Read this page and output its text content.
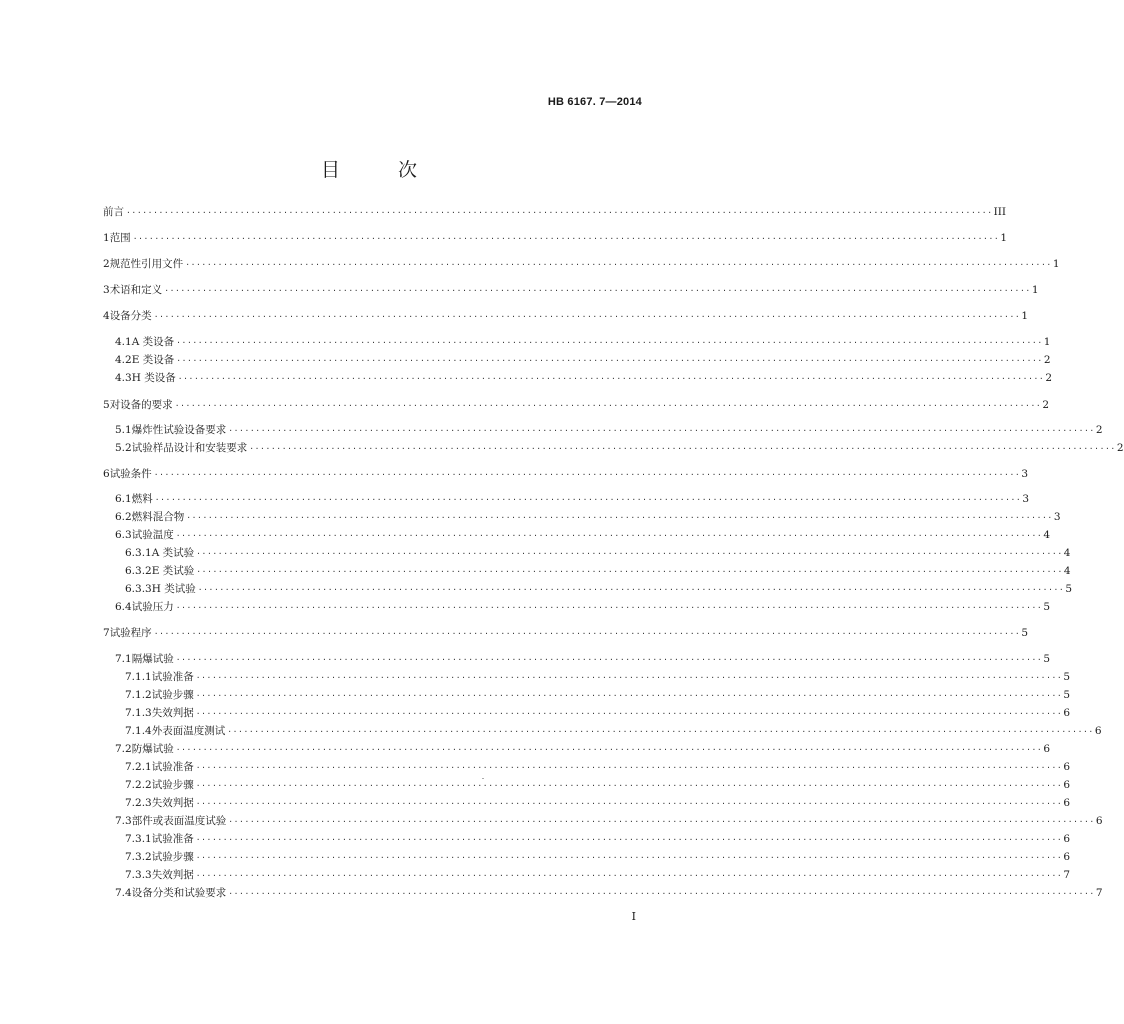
HB 6167. 7—2014
目 次
前言 ································································································································································ III
1 范围 ································································································································································ 1
2 规范性引用文件 ································································································································································ 1
3 术语和定义 ································································································································································ 1
4 设备分类 ································································································································································ 1
4.1 A 类设备 ································································································································································ 1
4.2 E 类设备 ································································································································································ 2
4.3 H 类设备 ································································································································································ 2
5 对设备的要求 ································································································································································ 2
5.1 爆炸性试验设备要求 ································································································································································ 2
5.2 试验样品设计和安装要求 ································································································································································ 2
6 试验条件 ································································································································································ 3
6.1 燃料 ································································································································································ 3
6.2 燃料混合物 ································································································································································ 3
6.3 试验温度 ································································································································································ 4
6.3.1 A 类试验 ································································································································································ 4
6.3.2 E 类试验 ································································································································································ 4
6.3.3 H 类试验 ································································································································································ 5
6.4 试验压力 ································································································································································ 5
7 试验程序 ································································································································································ 5
7.1 隔爆试验 ································································································································································ 5
7.1.1 试验准备 ································································································································································ 5
7.1.2 试验步骤 ································································································································································ 5
7.1.3 失效判据 ································································································································································ 6
7.1.4 外表面温度测试 ································································································································································ 6
7.2 防爆试验 ································································································································································ 6
7.2.1 试验准备 ································································································································································ 6
7.2.2 试验步骤 ································································································································································ 6
7.2.3 失效判据 ································································································································································ 6
7.3 部件或表面温度试验 ································································································································································ 6
7.3.1 试验准备 ································································································································································ 6
7.3.2 试验步骤 ································································································································································ 6
7.3.3 失效判据 ································································································································································ 7
7.4 设备分类和试验要求 ································································································································································ 7
I
